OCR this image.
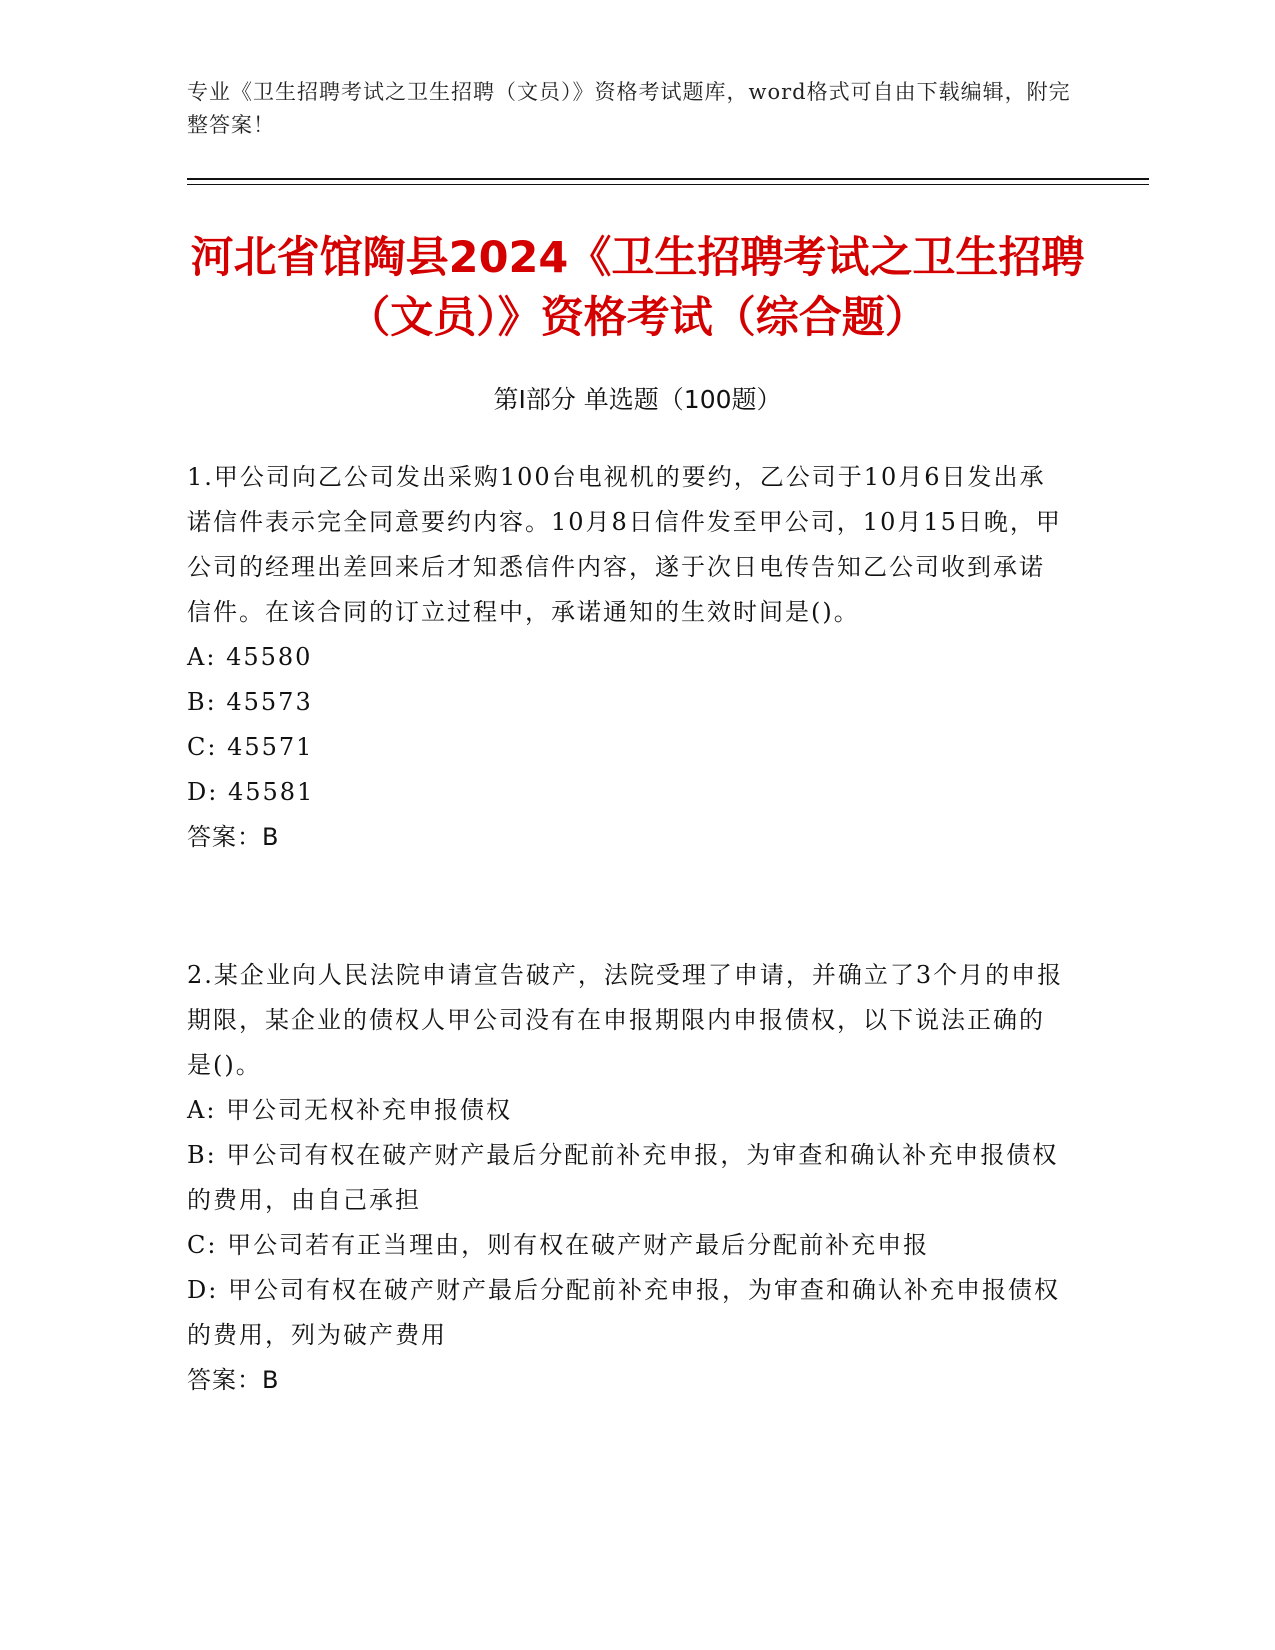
专业《卫生招聘考试之卫生招聘（文员）》资格考试题库，word格式可自由下载编辑，附完整答案！
河北省馆陶县2024《卫生招聘考试之卫生招聘（文员）》资格考试（综合题）
第Ⅰ部分 单选题（100题）

1.甲公司向乙公司发出采购100台电视机的要约，乙公司于10月6日发出承诺信件表示完全同意要约内容。10月8日信件发至甲公司，10月15日晚，甲公司的经理出差回来后才知悉信件内容，遂于次日电传告知乙公司收到承诺信件。在该合同的订立过程中，承诺通知的生效时间是()。

A: 45580

B: 45573

C: 45571

D: 45581

答案：B

2.某企业向人民法院申请宣告破产，法院受理了申请，并确立了3个月的申报期限，某企业的债权人甲公司没有在申报期限内申报债权，以下说法正确的是()。

A: 甲公司无权补充申报债权

B: 甲公司有权在破产财产最后分配前补充申报，为审查和确认补充申报债权的费用，由自己承担

C: 甲公司若有正当理由，则有权在破产财产最后分配前补充申报

D: 甲公司有权在破产财产最后分配前补充申报，为审查和确认补充申报债权的费用，列为破产费用

答案：B
